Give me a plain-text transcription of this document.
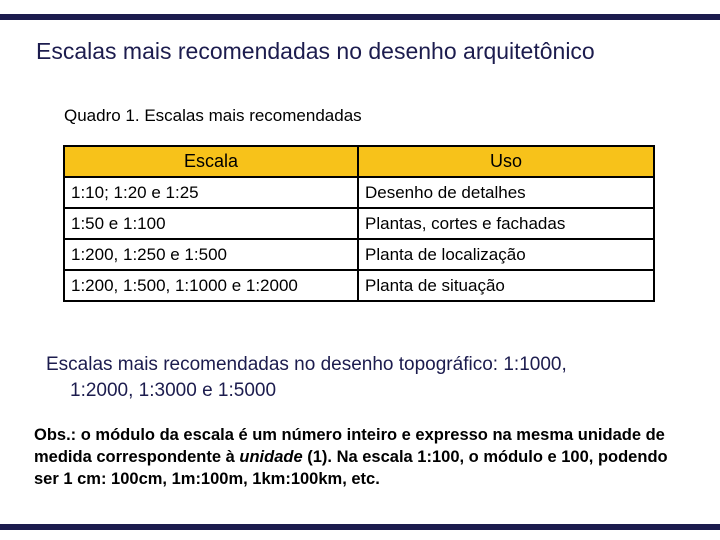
Escalas mais recomendadas no desenho arquitetônico
Quadro 1. Escalas mais recomendadas
Escala	Uso
1:10; 1:20 e 1:25	Desenho de detalhes
1:50 e 1:100	Plantas, cortes e fachadas
1:200, 1:250 e 1:500	Planta de localização
1:200, 1:500, 1:1000 e 1:2000	Planta de situação
Escalas mais recomendadas no desenho topográfico: 1:1000,
1:2000, 1:3000 e 1:5000
Obs.: o módulo da escala é um número inteiro e expresso na mesma unidade de medida correspondente à unidade (1). Na escala 1:100, o módulo e 100, podendo ser 1 cm: 100cm, 1m:100m, 1km:100km, etc.
